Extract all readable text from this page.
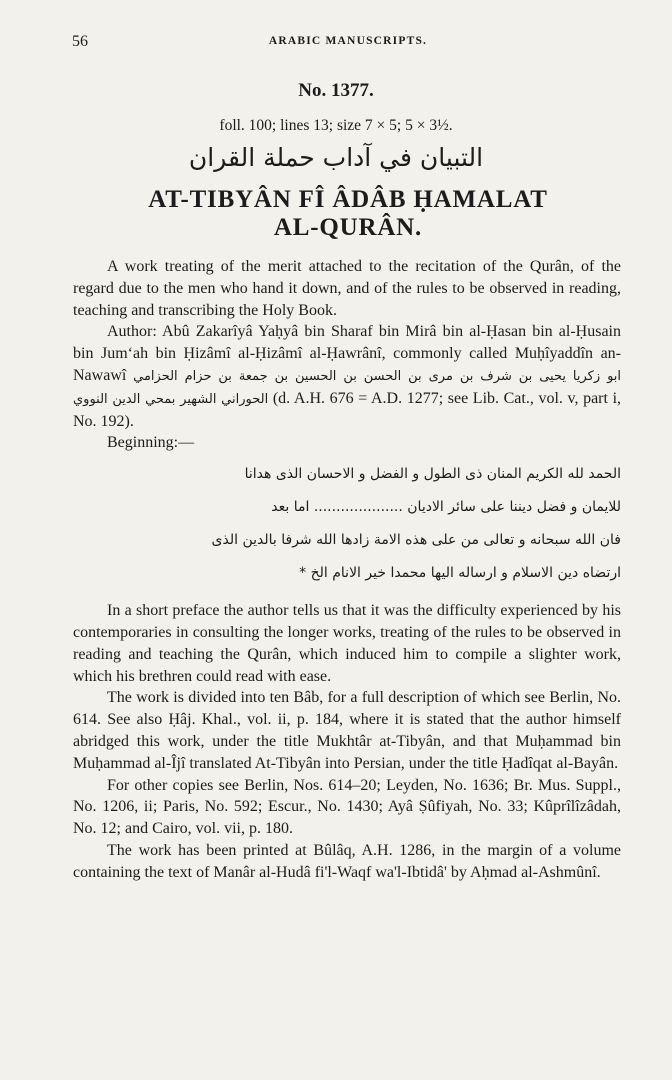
56	ARABIC MANUSCRIPTS.
No. 1377.
foll. 100; lines 13; size 7 × 5; 5 × 3½.
التبيان في آداب حملة القران
AT-TIBYÂN FÎ ÂDÂB ḤAMALAT
AL-QURÂN.

A work treating of the merit attached to the recitation of the Qurân, of the regard due to the men who hand it down, and of the rules to be observed in reading, teaching and transcribing the Holy Book.

Author: Abû Zakarîyâ Yaḥyâ bin Sharaf bin Mirâ bin al-Ḥasan bin al-Ḥusain bin Jum‘ah bin Ḥizâmî al-Ḥizâmî al-Ḥawrânî, commonly called Muḥîyaddîn an-Nawawî ابو زكريا يحيى بن شرف بن مرى بن الحسن بن الحسين بن جمعة بن حزام الحزامي الحوراني الشهير بمحي الدين النووي (d. A.H. 676 = A.D. 1277; see Lib. Cat., vol. v, part i, No. 192).

Beginning:—

الحمد لله الكريم المنان ذى الطول و الفضل و الاحسان الذى هدانا
للايمان و فضل ديننا على سائر الاديان .................... اما بعد
فان الله سبحانه و تعالى من على هذه الامة زادها الله شرفا بالدين الذى
ارتضاه دين الاسلام و ارساله اليها محمدا خير الانام الخ *

In a short preface the author tells us that it was the difficulty experienced by his contemporaries in consulting the longer works, treating of the rules to be observed in reading and teaching the Qurân, which induced him to compile a slighter work, which his brethren could read with ease.

The work is divided into ten Bâb, for a full description of which see Berlin, No. 614. See also Ḥâj. Khal., vol. ii, p. 184, where it is stated that the author himself abridged this work, under the title Mukhtâr at-Tibyân, and that Muḥammad bin Muḥammad al-Îjî translated At-Tibyân into Persian, under the title Ḥadîqat al-Bayân.

For other copies see Berlin, Nos. 614–20; Leyden, No. 1636; Br. Mus. Suppl., No. 1206, ii; Paris, No. 592; Escur., No. 1430; Ayâ Ṣûfiyah, No. 33; Kûprîlîzâdah, No. 12; and Cairo, vol. vii, p. 180.

The work has been printed at Bûlâq, A.H. 1286, in the margin of a volume containing the text of Manâr al-Hudâ fi'l-Waqf wa'l-Ibtidâ' by Aḥmad al-Ashmûnî.
